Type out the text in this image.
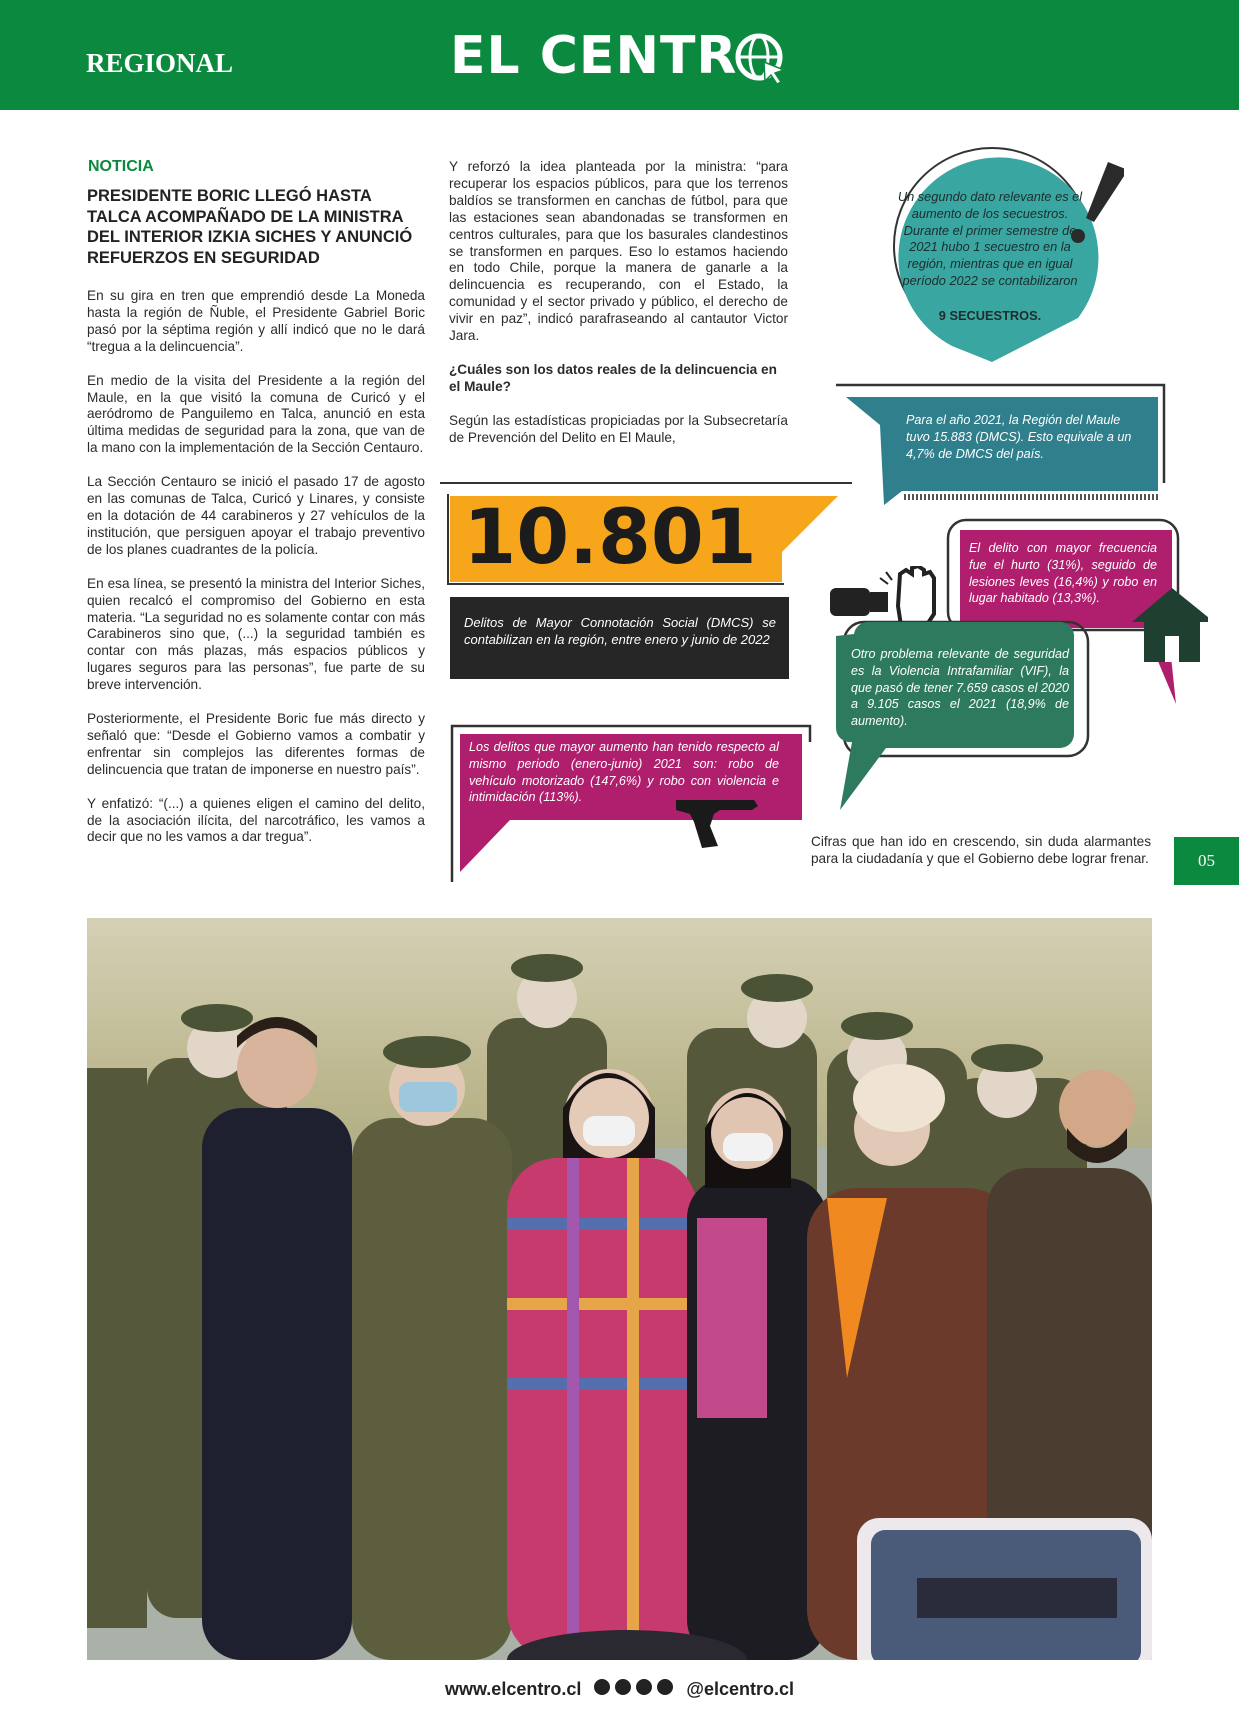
REGIONAL	EL CENTR
NOTICIA
PRESIDENTE BORIC LLEGÓ HASTA TALCA ACOMPAÑADO DE LA MINISTRA DEL INTERIOR IZKIA SICHES Y ANUNCIÓ REFUERZOS EN SEGURIDAD

En su gira en tren que emprendió desde La Moneda hasta la región de Ñuble, el Presidente Gabriel Boric pasó por la séptima región y allí indicó que no le dará “tregua a la delincuencia”.

En medio de la visita del Presidente a la región del Maule, en la que visitó la comuna de Curicó y el aeródromo de Panguilemo en Talca, anunció en esta última medidas de seguridad para la zona, que van de la mano con la implementación de la Sección Centauro.

La Sección Centauro se inició el pasado 17 de agosto en las comunas de Talca, Curicó y Linares, y consiste en la dotación de 44 carabineros y 27 vehículos de la institución, que persiguen apoyar el trabajo preventivo de los planes cuadrantes de la policía.

En esa línea, se presentó la ministra del Interior Siches, quien recalcó el compromiso del Gobierno en esta materia. “La seguridad no es solamente contar con más Carabineros sino que, (...) la seguridad también es contar con más plazas, más espacios públicos y lugares seguros para las personas”, fue parte de su breve intervención.

Posteriormente, el Presidente Boric fue más directo y señaló que: “Desde el Gobierno vamos a combatir y enfrentar sin complejos las diferentes formas de delincuencia que tratan de imponerse en nuestro país”.

Y enfatizó: “(...) a quienes eligen el camino del delito, de la asociación ilícita, del narcotráfico, les vamos a decir que no les vamos a dar tregua”.

Y reforzó la idea planteada por la ministra: “para recuperar los espacios públicos, para que los terrenos baldíos se transformen en canchas de fútbol, para que las estaciones sean abandonadas se transformen en centros culturales, para que los basurales clandestinos se transformen en parques. Eso lo estamos haciendo en todo Chile, porque la manera de ganarle a la delincuencia es recuperando, con el Estado, la comunidad y el sector privado y público, el derecho de vivir en paz”, indicó parafraseando al cantautor Victor Jara.

¿Cuáles son los datos reales de la delincuencia en el Maule?

Según las estadísticas propiciadas por la Subsecretaría de Prevención del Delito en El Maule,

10.801
Delitos de Mayor Connotación Social (DMCS) se contabilizan en la región, entre enero y junio de 2022
Los delitos que mayor aumento han tenido respecto al mismo periodo (enero-junio) 2021 son: robo de vehículo motorizado (147,6%) y robo con violencia e intimidación (113%).
Un segundo dato relevante es el aumento de los secuestros. Durante el primer semestre de 2021 hubo 1 secuestro en la región, mientras que en igual período 2022 se contabilizaron
9 SECUESTROS.
Para el año 2021, la Región del Maule tuvo 15.883 (DMCS). Esto equivale a un 4,7% de DMCS del país.
El delito con mayor frecuencia fue el hurto (31%), seguido de lesiones leves (16,4%) y robo en lugar habitado (13,3%).
Otro problema relevante de seguridad es la Violencia Intrafamiliar (VIF), la que pasó de tener 7.659 casos el 2020 a 9.105 casos el 2021 (18,9% de aumento).

Cifras que han ido en crescendo, sin duda alarmantes para la ciudadanía y que el Gobierno debe lograr frenar.	05
www.elcentro.cl	@elcentro.cl
